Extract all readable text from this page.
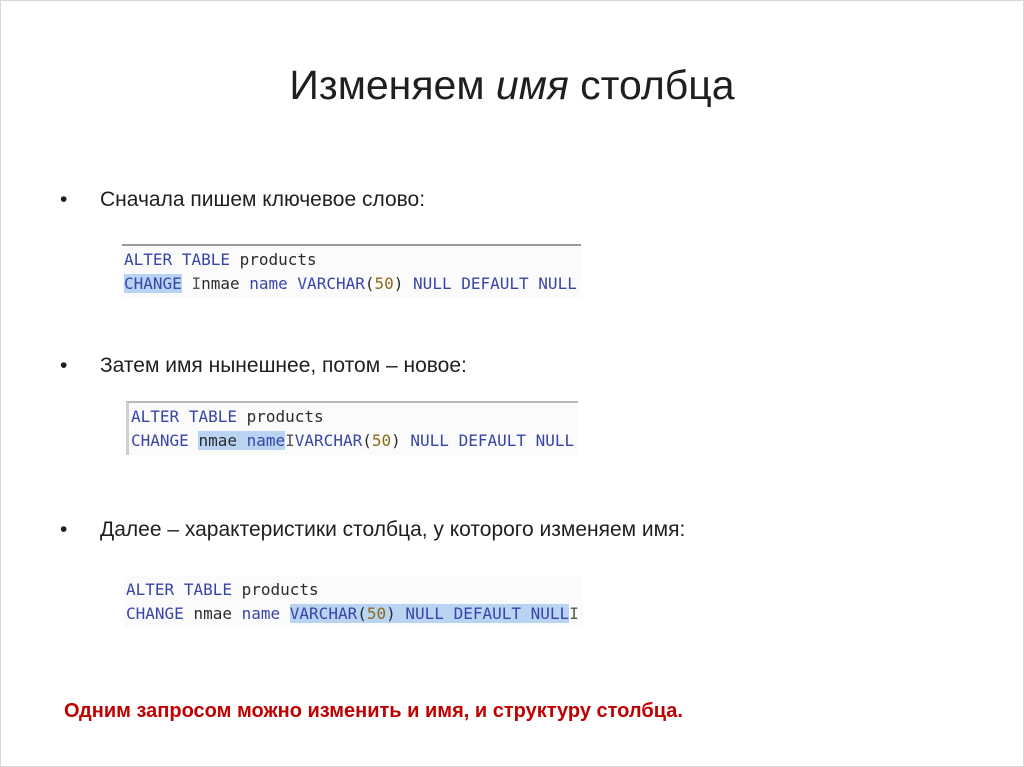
Изменяем имя столбца
• Сначала пишем ключевое слово:
ALTER TABLE products
CHANGE Inmae name VARCHAR(50) NULL DEFAULT NULL
• Затем имя нынешнее, потом – новое:
ALTER TABLE products
CHANGE nmae nameIVARCHAR(50) NULL DEFAULT NULL
• Далее – характеристики столбца, у которого изменяем имя:
ALTER TABLE products
CHANGE nmae name VARCHAR(50) NULL DEFAULT NULLI
Одним запросом можно изменить и имя, и структуру столбца.
